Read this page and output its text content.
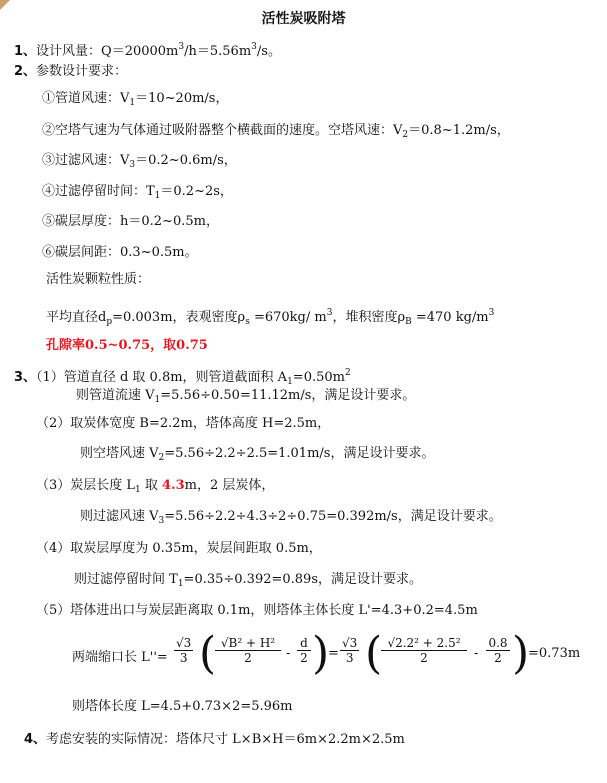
活性炭吸附塔
1、设计风量：$Q=20000m^3/h=5.56m^3/s$。
2、参数设计要求：
①管道风速：$V_1=10\sim 20m/s$，
②空塔气速为气体通过吸附器整个横截面的速度。空塔风速：$V_2=0.8\sim 1.2m/s$，
③过滤风速：$V_3=0.2\sim 0.6m/s$，
④过滤停留时间：$T_1=0.2\sim 2s$，
⑤碳层厚度：h＝0.2~0.5m，
⑥碳层间距：0.3~0.5m。
活性炭颗粒性质：
平均直径$d_p=0.003m$，表观密度$\rho_s =670kg/$ $m^3$，堆积密度$\rho_B =470$ $kg/m^3$
孔隙率0.5~0.75，取0.75
3、（1）管道直径 d 取 0.8m，则管道截面积 $A_1=0.50m^2$
则管道流速 $V_1=5.56\div 0.50=11.12m/s$，满足设计要求。
（2）取炭体宽度 B=2.2m，塔体高度 H=2.5m，
则空塔风速 $V_2=5.56\div 2.2\div 2.5=1.01m/s$，满足设计要求。
（3）炭层长度 $L_1$ 取 4.3m，2 层炭体，
则过滤风速 $V_3=5.56\div 2.2\div 4.3\div 2\div 0.75=0.392m/s$，满足设计要求。
（4）取炭层厚度为 0.35m，炭层间距取 0.5m，
则过滤停留时间 $T_1=0.35\div 0.392=0.89s$，满足设计要求。
（5）塔体进出口与炭层距离取 0.1m，则塔体主体长度 L'=4.3+0.2=4.5m
两端缩口长 $L''= \frac{√3}{3}$ (
$\frac{\text{√B² + H²}}{2} - \frac{d}{2}$ )
= $\frac{√3}{3}$ (
$\frac{\text{√2.2² + 2.5²}}{2} - \frac{0.8}{2}$ )
=0.73m
则塔体长度 L=4.5+0.73×2=5.96m
4、考虑安装的实际情况：塔体尺寸 L×B×H＝6m×2.2m×2.5m
